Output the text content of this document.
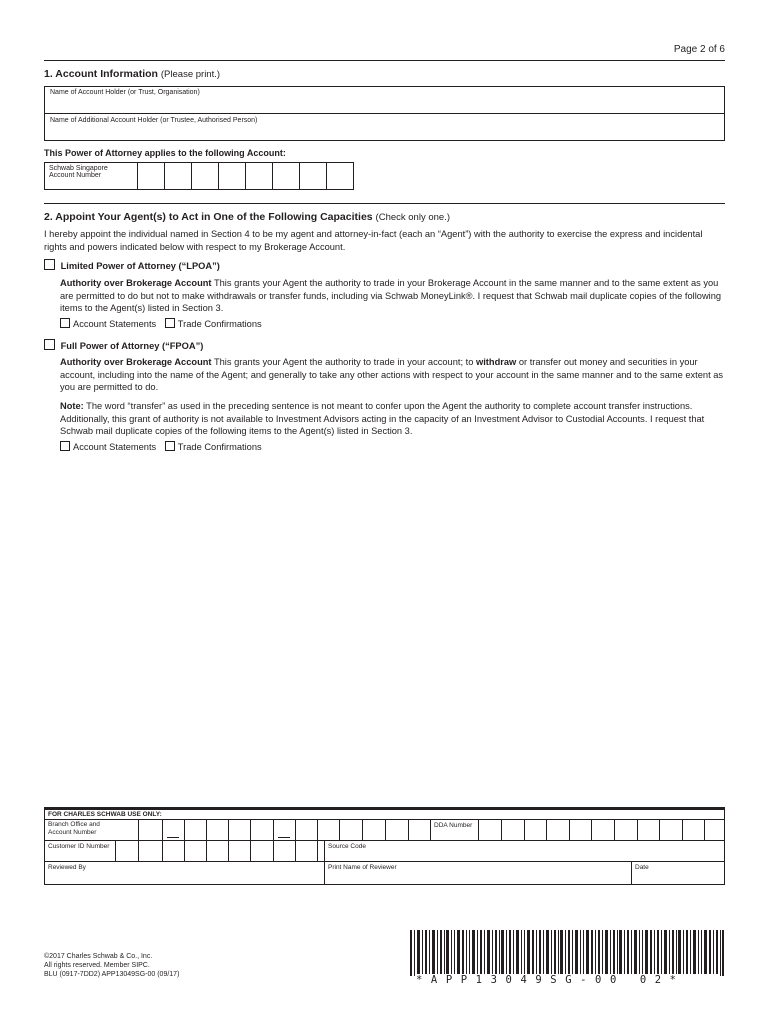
Page 2 of 6
1. Account Information (Please print.)
Name of Account Holder (or Trust, Organisation)
Name of Additional Account Holder (or Trustee, Authorised Person)
This Power of Attorney applies to the following Account:
Schwab Singapore
Account Number

2. Appoint Your Agent(s) to Act in One of the Following Capacities (Check only one.)
I hereby appoint the individual named in Section 4 to be my agent and attorney-in-fact (each an “Agent”) with the authority to exercise the express and incidental rights and powers indicated below with respect to my Brokerage Account.
Limited Power of Attorney (“LPOA”)
Authority over Brokerage Account This grants your Agent the authority to trade in your Brokerage Account in the same manner and to the same extent as you are permitted to do but not to make withdrawals or transfer funds, including via Schwab MoneyLink®. I request that Schwab mail duplicate copies of the following items to the Agent(s) listed in Section 3.
Account Statements Trade Confirmations
Full Power of Attorney (“FPOA”)
Authority over Brokerage Account This grants your Agent the authority to trade in your account; to withdraw or transfer out money and securities in your account, including into the name of the Agent; and generally to take any other actions with respect to your account in the same manner and to the same extent as you are permitted to do.
Note: The word “transfer” as used in the preceding sentence is not meant to confer upon the Agent the authority to complete account transfer instructions. Additionally, this grant of authority is not available to Investment Advisors acting in the capacity of an Investment Advisor to Custodial Accounts. I request that Schwab mail duplicate copies of the following items to the Agent(s) listed in Section 3.
Account Statements Trade Confirmations
FOR CHARLES SCHWAB USE ONLY:
Branch Office and
Account Number
DDA Number
Customer ID Number	Source Code
Reviewed By	Print Name of Reviewer	Date
©2017 Charles Schwab & Co., Inc.
All rights reserved. Member SIPC.
BLU (0917-7DD2) APP13049SG-00 (09/17)	*APP13049SG-00 02*
